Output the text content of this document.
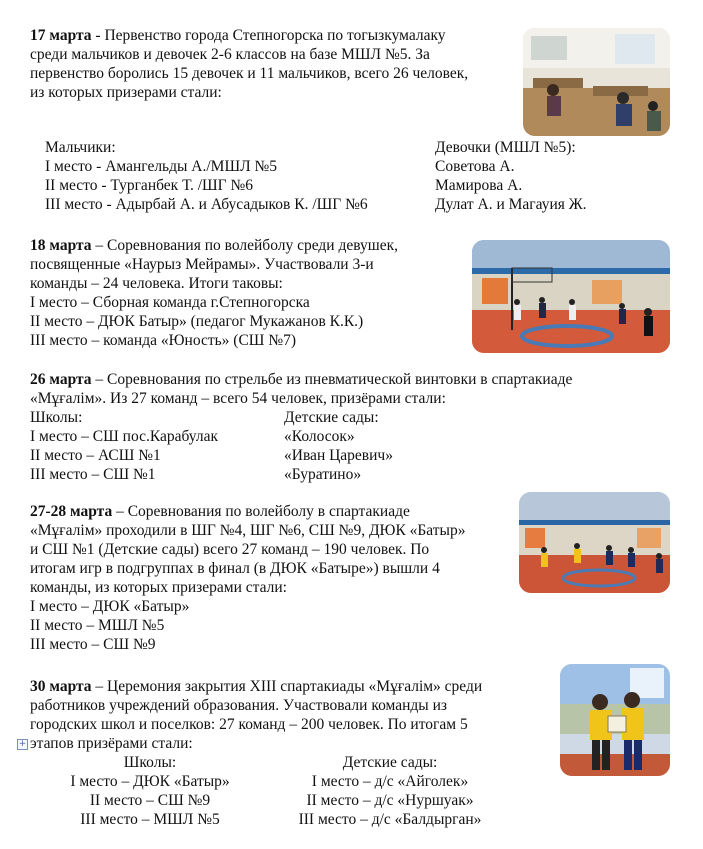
17 марта - Первенство города Степногорска по тогызкумалаку
среди мальчиков и девочек 2-6 классов на базе МШЛ №5. За
первенство боролись 15 девочек и 11 мальчиков, всего 26 человек,
из которых призерами стали:
Мальчики:
I место - Амангельды А./МШЛ №5
II место - Турганбек Т. /ШГ №6
III место - Адырбай А. и Абусадыков К. /ШГ №6
Девочки (МШЛ №5):
Советова А.
Мамирова А.
Дулат А. и Магауия Ж.
18 марта – Соревнования по волейболу среди девушек,
посвященные «Наурыз Мейрамы». Участвовали 3-и
команды – 24 человека. Итоги таковы:
I место – Сборная команда г.Степногорска
II место – ДЮК Батыр» (педагог Мукажанов К.К.)
III место – команда «Юность» (СШ №7)
26 марта – Соревнования по стрельбе из пневматической винтовки в спартакиаде
«Мұғалім». Из 27 команд – всего 54 человек, призёрами стали:
Школы:
I место – СШ пос.Карабулак
II место – АСШ №1
III место – СШ №1
Детские сады:
«Колосок»
«Иван Царевич»
«Буратино»
27-28 марта – Соревнования по волейболу в спартакиаде
«Мұғалім» проходили в ШГ №4, ШГ №6, СШ №9, ДЮК «Батыр»
и СШ №1 (Детские сады) всего 27 команд – 190 человек. По
итогам игр в подгруппах в финал (в ДЮК «Батыре») вышли 4
команды, из которых призерами стали:
I место – ДЮК «Батыр»
II место – МШЛ №5
III место – СШ №9
30 марта – Церемония закрытия ХIII спартакиады «Мұғалім» среди
работников учреждений образования. Участвовали команды из
городских школ и поселков: 27 команд – 200 человек. По итогам 5
этапов призёрами стали:
+
Школы:
I место – ДЮК «Батыр»
II место – СШ №9
III место – МШЛ №5
Детские сады:
I место – д/с «Айголек»
II место – д/с «Нуршуак»
III место – д/с «Балдырган»
